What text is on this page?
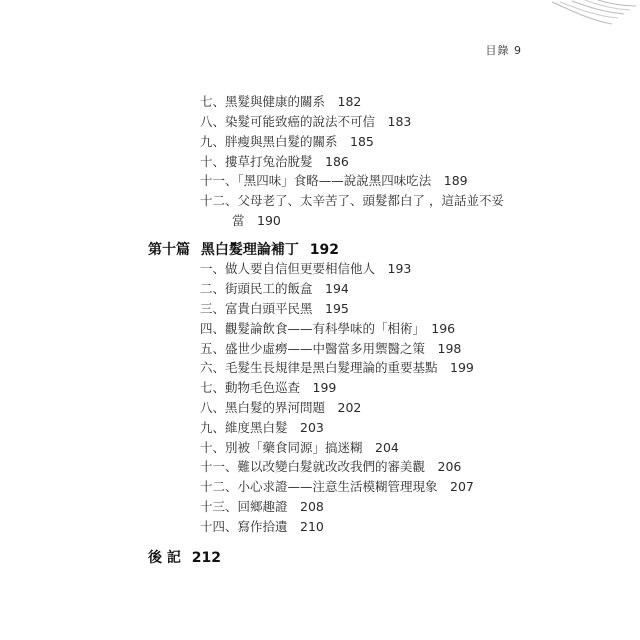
目錄 9
七、黑髮與健康的關系　182
八、染髮可能致癌的說法不可信　183
九、胖瘦與黑白髮的關系　185
十、摟草打兔治脫髮　186
十一、「黑四味」食略——說說黑四味吃法　189
十二、父母老了、太辛苦了、頭髮都白了 ，這話並不妥
當　190
第十篇 黑白髮理論補丁 192
一、做人要自信但更要相信他人　193
二、街頭民工的飯盒　194
三、富貴白頭平民黑　195
四、觀髮論飲食——有科學味的「相術」　196
五、盛世少虛癆——中醫當多用禦醫之策　198
六、毛髮生長規律是黑白髮理論的重要基點　199
七、動物毛色巡查　199
八、黑白髮的界河問題　202
九、維度黑白髮　203
十、別被「藥食同源」搞迷糊　204
十一、難以改變白髮就改改我們的審美觀　206
十二、小心求證——注意生活模糊管理現象　207
十三、回鄉趣證　208
十四、寫作拾遺　210
後 記 212
